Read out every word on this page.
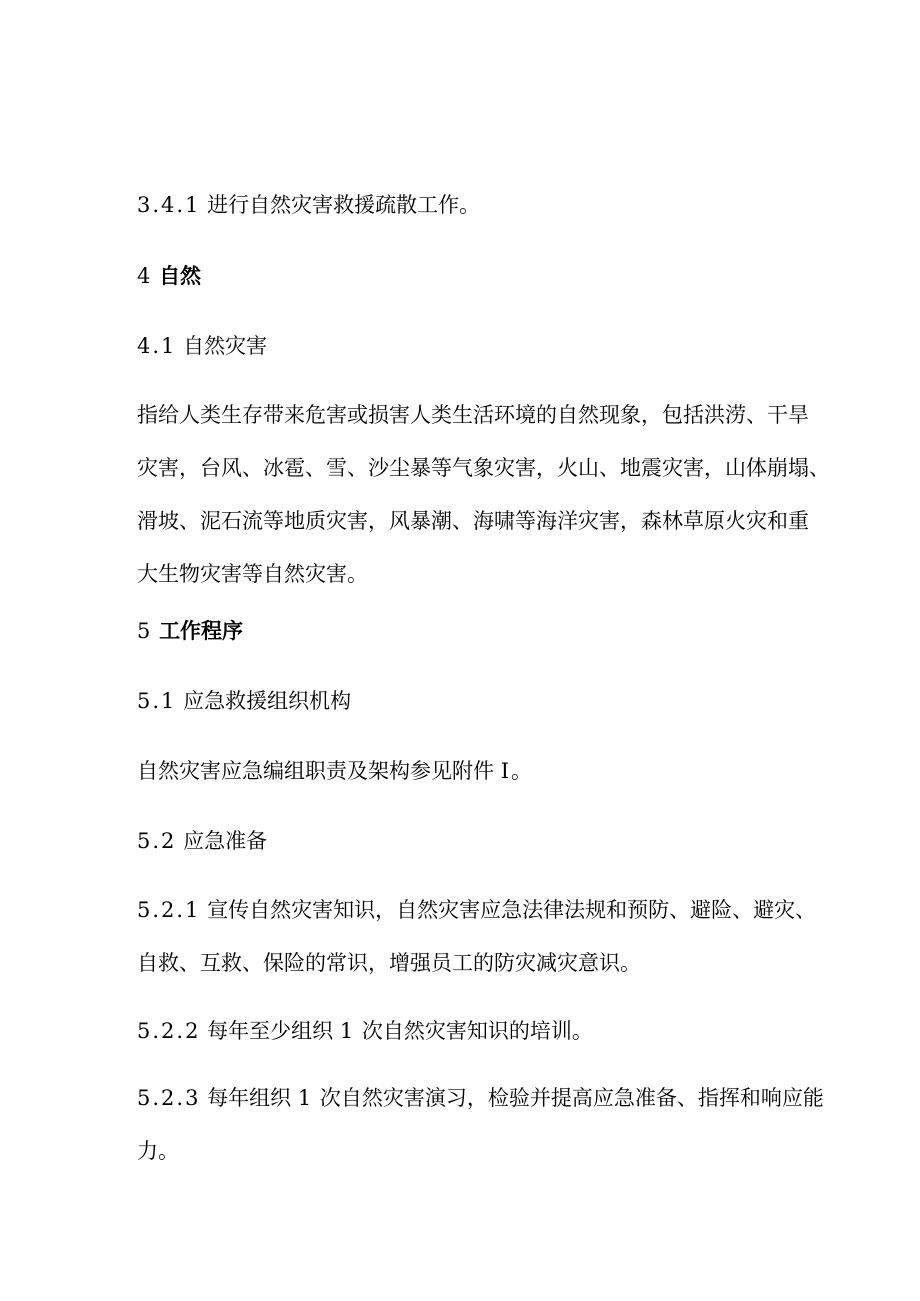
3.4.1 进行自然灾害救援疏散工作。
4 自然
4.1 自然灾害
指给人类生存带来危害或损害人类生活环境的自然现象，包括洪涝、干旱
灾害，台风、冰雹、雪、沙尘暴等气象灾害，火山、地震灾害，山体崩塌、
滑坡、泥石流等地质灾害，风暴潮、海啸等海洋灾害，森林草原火灾和重
大生物灾害等自然灾害。
5 工作程序
5.1 应急救援组织机构
自然灾害应急编组职责及架构参见附件 I。
5.2 应急准备
5.2.1 宣传自然灾害知识，自然灾害应急法律法规和预防、避险、避灾、
自救、互救、保险的常识，增强员工的防灾减灾意识。
5.2.2 每年至少组织 1 次自然灾害知识的培训。
5.2.3 每年组织 1 次自然灾害演习，检验并提高应急准备、指挥和响应能
力。
